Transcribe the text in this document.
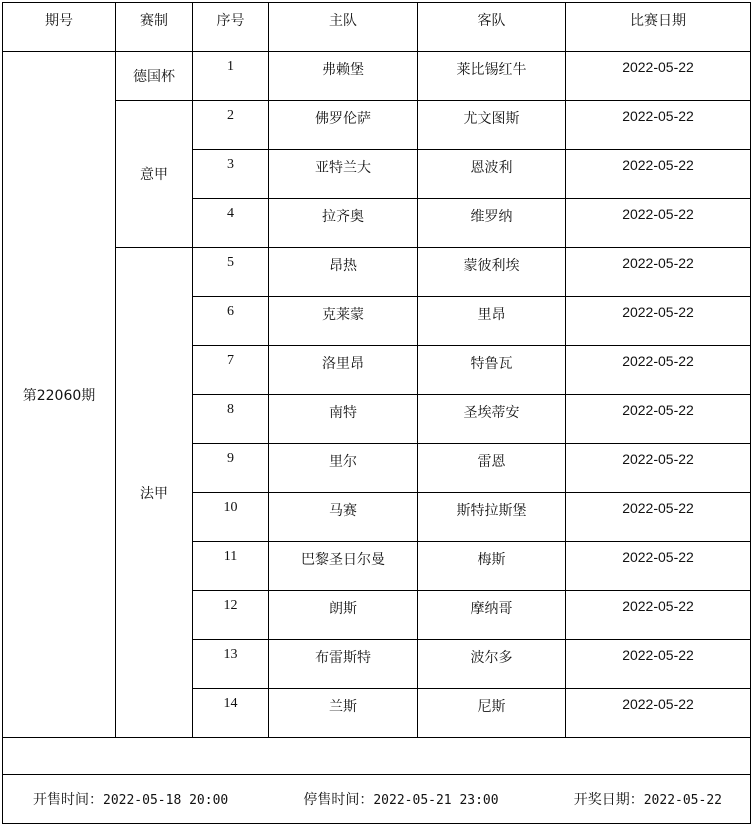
期号	赛制	序号	主队	客队	比赛日期
第22060期	德国杯	1	弗赖堡	莱比锡红牛	2022-05-22
	意甲	2	佛罗伦萨	尤文图斯	2022-05-22
		3	亚特兰大	恩波利	2022-05-22
		4	拉齐奥	维罗纳	2022-05-22
	法甲	5	昂热	蒙彼利埃	2022-05-22
		6	克莱蒙	里昂	2022-05-22
		7	洛里昂	特鲁瓦	2022-05-22
		8	南特	圣埃蒂安	2022-05-22
		9	里尔	雷恩	2022-05-22
		10	马赛	斯特拉斯堡	2022-05-22
		11	巴黎圣日尔曼	梅斯	2022-05-22
		12	朗斯	摩纳哥	2022-05-22
		13	布雷斯特	波尔多	2022-05-22
		14	兰斯	尼斯	2022-05-22

开售时间：2022-05-18 20:00 停售时间：2022-05-21 23:00 开奖日期：2022-05-22					
